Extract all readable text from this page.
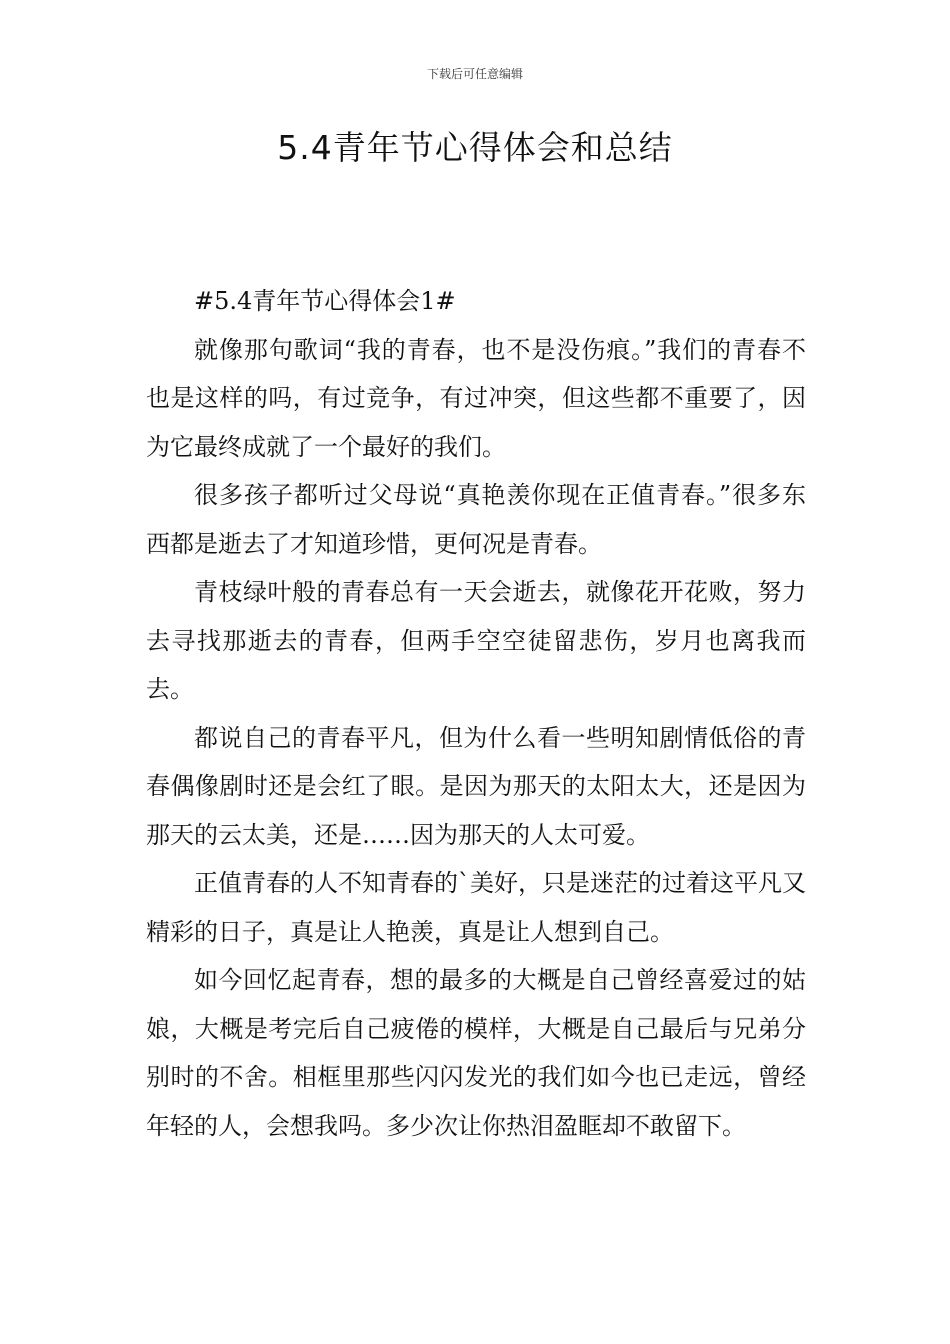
下载后可任意编辑
5.4青年节心得体会和总结

#5.4青年节心得体会1#

就像那句歌词“我的青春，也不是没伤痕。”我们的青春不也是这样的吗，有过竞争，有过冲突，但这些都不重要了，因为它最终成就了一个最好的我们。

很多孩子都听过父母说“真艳羡你现在正值青春。”很多东西都是逝去了才知道珍惜，更何况是青春。

青枝绿叶般的青春总有一天会逝去，就像花开花败，努力去寻找那逝去的青春，但两手空空徒留悲伤，岁月也离我而去。

都说自己的青春平凡，但为什么看一些明知剧情低俗的青春偶像剧时还是会红了眼。是因为那天的太阳太大，还是因为那天的云太美，还是……因为那天的人太可爱。

正值青春的人不知青春的`美好，只是迷茫的过着这平凡又精彩的日子，真是让人艳羡，真是让人想到自己。

如今回忆起青春，想的最多的大概是自己曾经喜爱过的姑娘，大概是考完后自己疲倦的模样，大概是自己最后与兄弟分别时的不舍。相框里那些闪闪发光的我们如今也已走远，曾经年轻的人，会想我吗。多少次让你热泪盈眶却不敢留下。
